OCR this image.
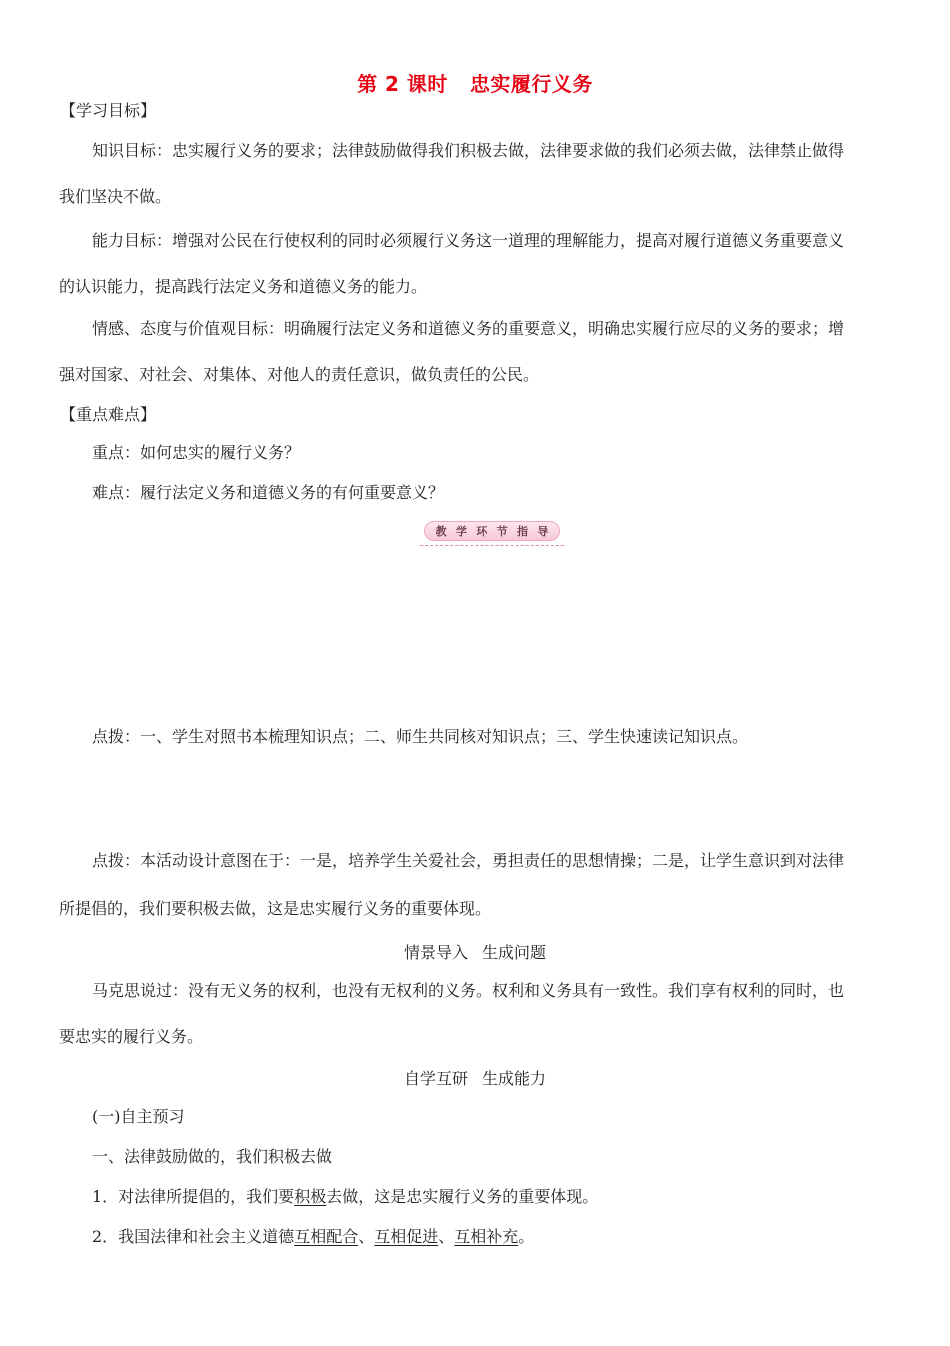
第 2 课时 忠实履行义务
【学习目标】
知识目标：忠实履行义务的要求；法律鼓励做得我们积极去做，法律要求做的我们必须去做，法律禁止做得
我们坚决不做。
能力目标：增强对公民在行使权利的同时必须履行义务这一道理的理解能力，提高对履行道德义务重要意义
的认识能力，提高践行法定义务和道德义务的能力。
情感、态度与价值观目标：明确履行法定义务和道德义务的重要意义，明确忠实履行应尽的义务的要求；增
强对国家、对社会、对集体、对他人的责任意识，做负责任的公民。
【重点难点】
重点：如何忠实的履行义务？
难点：履行法定义务和道德义务的有何重要意义？
教 学 环 节 指 导
点拨：一、学生对照书本梳理知识点；二、师生共同核对知识点；三、学生快速读记知识点。
点拨：本活动设计意图在于：一是，培养学生关爱社会，勇担责任的思想情操；二是，让学生意识到对法律
所提倡的，我们要积极去做，这是忠实履行义务的重要体现。
情景导入 生成问题
马克思说过：没有无义务的权利，也没有无权利的义务。权利和义务具有一致性。我们享有权利的同时，也
要忠实的履行义务。
自学互研 生成能力
(一)自主预习
一、法律鼓励做的，我们积极去做
1．对法律所提倡的，我们要积极去做，这是忠实履行义务的重要体现。
2．我国法律和社会主义道德互相配合、互相促进、互相补充。
